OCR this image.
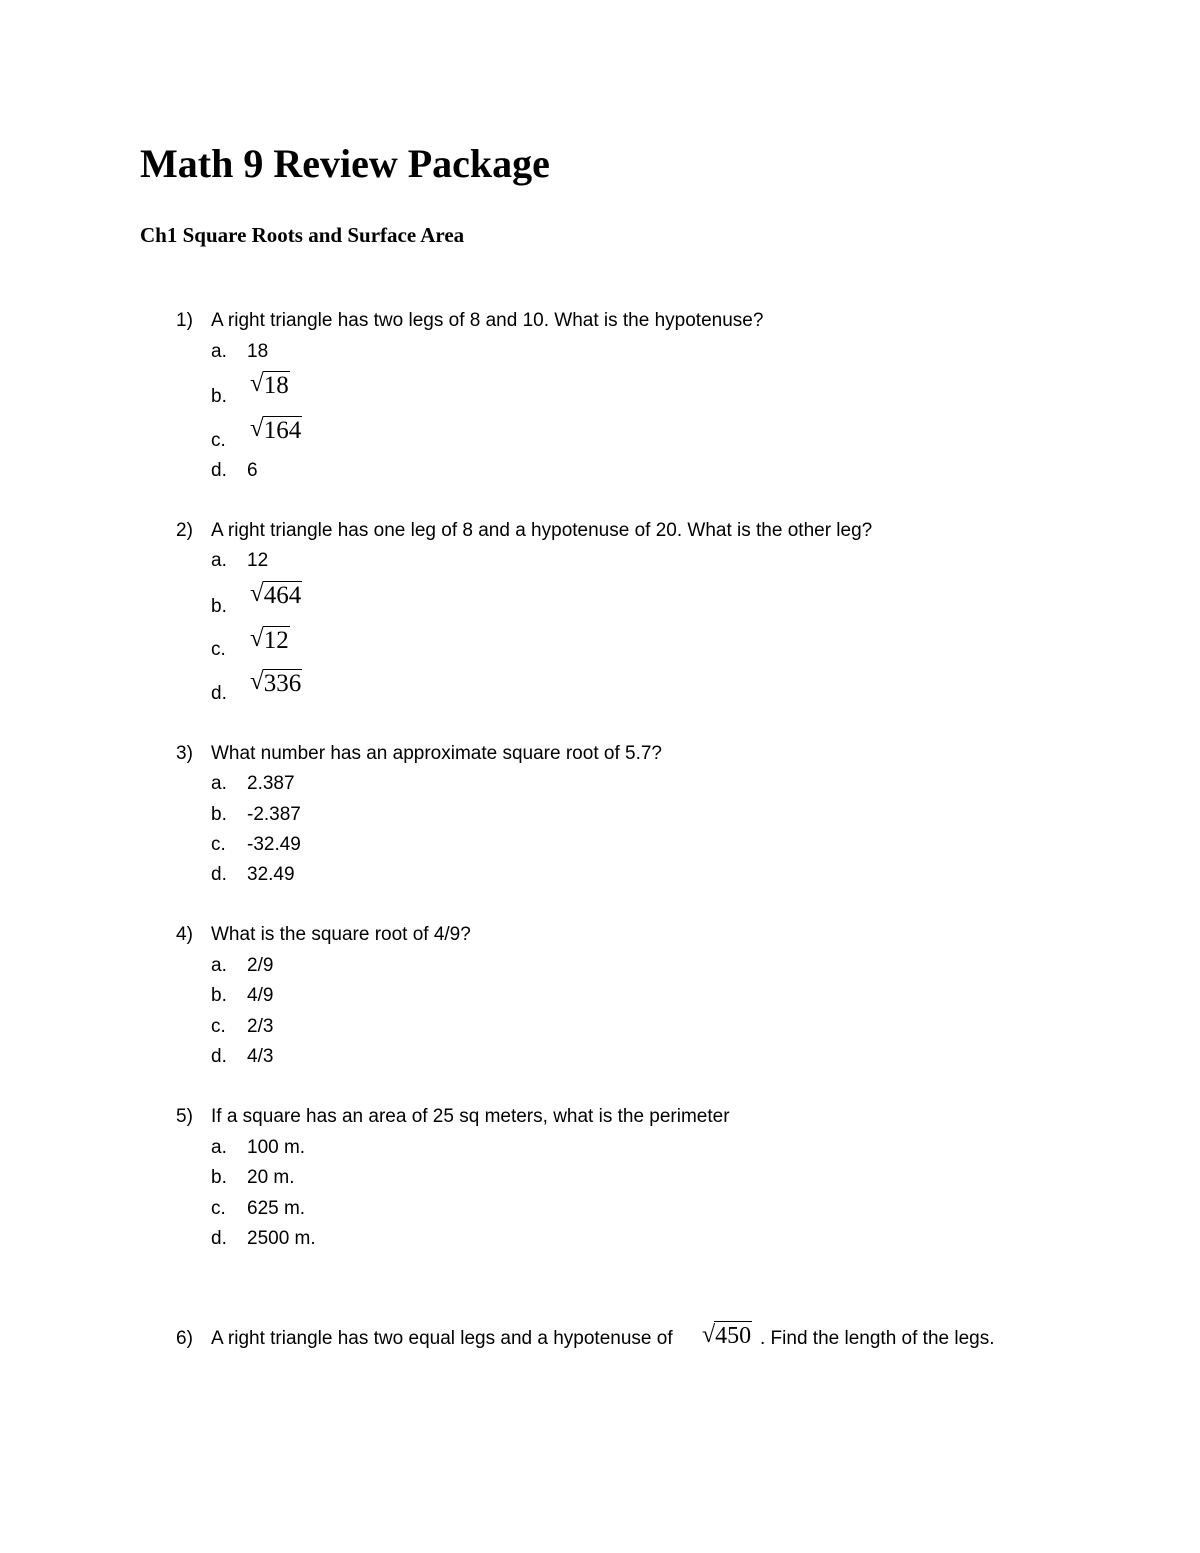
Math 9 Review Package
Ch1 Square Roots and Surface Area
1) A right triangle has two legs of 8 and 10. What is the hypotenuse?
a. 18
b. √ 18
c. √ 164
d. 6
2) A right triangle has one leg of 8 and a hypotenuse of 20. What is the other leg?
a. 12
b. √ 464
c. √ 12
d. √ 336
3) What number has an approximate square root of 5.7?
a. 2.387
b. -2.387
c. -32.49
d. 32.49
4) What is the square root of 4/9?
a. 2/9
b. 4/9
c. 2/3
d. 4/3
5) If a square has an area of 25 sq meters, what is the perimeter
a. 100 m.
b. 20 m.
c. 625 m.
d. 2500 m.
6) A right triangle has two equal legs and a hypotenuse of √ 450 . Find the length of the legs.
